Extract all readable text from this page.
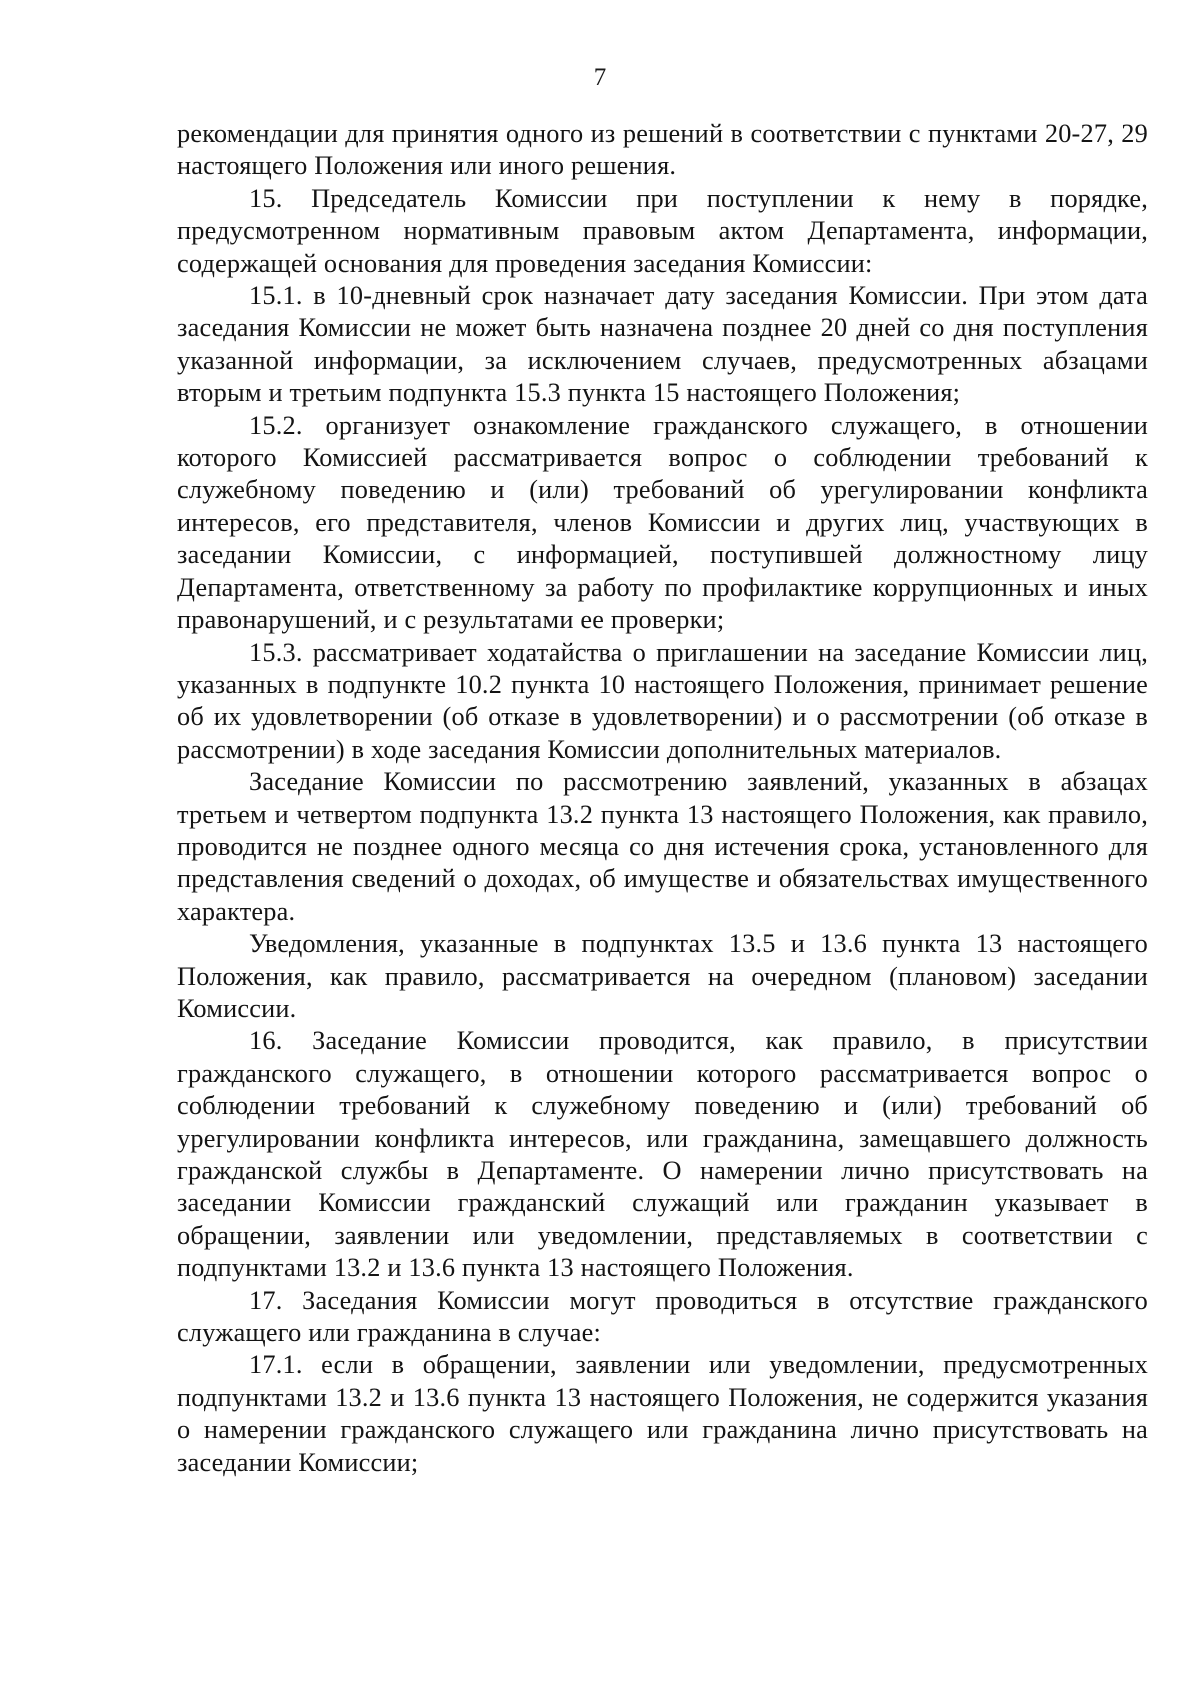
7

рекомендации для принятия одного из решений в соответствии с пунктами 20-27, 29 настоящего Положения или иного решения.

15. Председатель Комиссии при поступлении к нему в порядке, предусмотренном нормативным правовым актом Департамента, информации, содержащей основания для проведения заседания Комиссии:

15.1. в 10-дневный срок назначает дату заседания Комиссии. При этом дата заседания Комиссии не может быть назначена позднее 20 дней со дня поступления указанной информации, за исключением случаев, предусмотренных абзацами вторым и третьим подпункта 15.3 пункта 15 настоящего Положения;

15.2. организует ознакомление гражданского служащего, в отношении которого Комиссией рассматривается вопрос о соблюдении требований к служебному поведению и (или) требований об урегулировании конфликта интересов, его представителя, членов Комиссии и других лиц, участвующих в заседании Комиссии, с информацией, поступившей должностному лицу Департамента, ответственному за работу по профилактике коррупционных и иных правонарушений, и с результатами ее проверки;

15.3. рассматривает ходатайства о приглашении на заседание Комиссии лиц, указанных в подпункте 10.2 пункта 10 настоящего Положения, принимает решение об их удовлетворении (об отказе в удовлетворении) и о рассмотрении (об отказе в рассмотрении) в ходе заседания Комиссии дополнительных материалов.

Заседание Комиссии по рассмотрению заявлений, указанных в абзацах третьем и четвертом подпункта 13.2 пункта 13 настоящего Положения, как правило, проводится не позднее одного месяца со дня истечения срока, установленного для представления сведений о доходах, об имуществе и обязательствах имущественного характера.

Уведомления, указанные в подпунктах 13.5 и 13.6 пункта 13 настоящего Положения, как правило, рассматривается на очередном (плановом) заседании Комиссии.

16. Заседание Комиссии проводится, как правило, в присутствии гражданского служащего, в отношении которого рассматривается вопрос о соблюдении требований к служебному поведению и (или) требований об урегулировании конфликта интересов, или гражданина, замещавшего должность гражданской службы в Департаменте. О намерении лично присутствовать на заседании Комиссии гражданский служащий или гражданин указывает в обращении, заявлении или уведомлении, представляемых в соответствии с подпунктами 13.2 и 13.6 пункта 13 настоящего Положения.

17. Заседания Комиссии могут проводиться в отсутствие гражданского служащего или гражданина в случае:

17.1. если в обращении, заявлении или уведомлении, предусмотренных подпунктами 13.2 и 13.6 пункта 13 настоящего Положения, не содержится указания о намерении гражданского служащего или гражданина лично присутствовать на заседании Комиссии;
